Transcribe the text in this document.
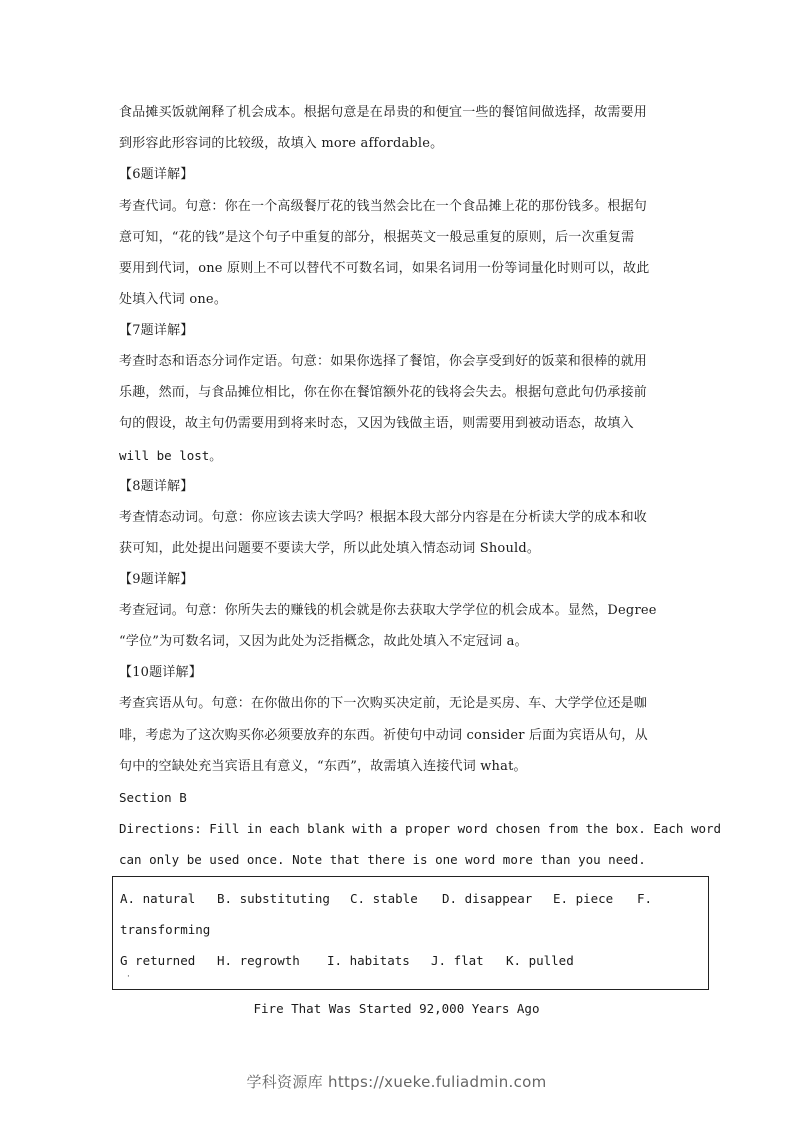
食品摊买饭就阐释了机会成本。根据句意是在昂贵的和便宜一些的餐馆间做选择，故需要用
到形容此形容词的比较级，故填入 more affordable。
【6题详解】
考查代词。句意：你在一个高级餐厅花的钱当然会比在一个食品摊上花的那份钱多。根据句
意可知，“花的钱”是这个句子中重复的部分，根据英文一般忌重复的原则，后一次重复需
要用到代词，one 原则上不可以替代不可数名词，如果名词用一份等词量化时则可以，故此
处填入代词 one。
【7题详解】
考查时态和语态分词作定语。句意：如果你选择了餐馆，你会享受到好的饭菜和很棒的就用
乐趣，然而，与食品摊位相比，你在你在餐馆额外花的钱将会失去。根据句意此句仍承接前
句的假设，故主句仍需要用到将来时态，又因为钱做主语，则需要用到被动语态，故填入
will be lost。
【8题详解】
考查情态动词。句意：你应该去读大学吗？根据本段大部分内容是在分析读大学的成本和收
获可知，此处提出问题要不要读大学，所以此处填入情态动词 Should。
【9题详解】
考查冠词。句意：你所失去的赚钱的机会就是你去获取大学学位的机会成本。显然，Degree
“学位”为可数名词，又因为此处为泛指概念，故此处填入不定冠词 a。
【10题详解】
考查宾语从句。句意：在你做出你的下一次购买决定前，无论是买房、车、大学学位还是咖
啡，考虑为了这次购买你必须要放弃的东西。祈使句中动词 consider 后面为宾语从句，从
句中的空缺处充当宾语且有意义，“东西”，故需填入连接代词 what。
Section B
Directions: Fill in each blank with a proper word chosen from the box. Each word
can only be used once. Note that there is one word more than you need.
A. natural B. substituting C. stable D. disappear E. piece F.
transforming
G returned H. regrowth I. habitats J. flat K. pulled
·
Fire That Was Started 92,000 Years Ago
学科资源库 https://xueke.fuliadmin.com
